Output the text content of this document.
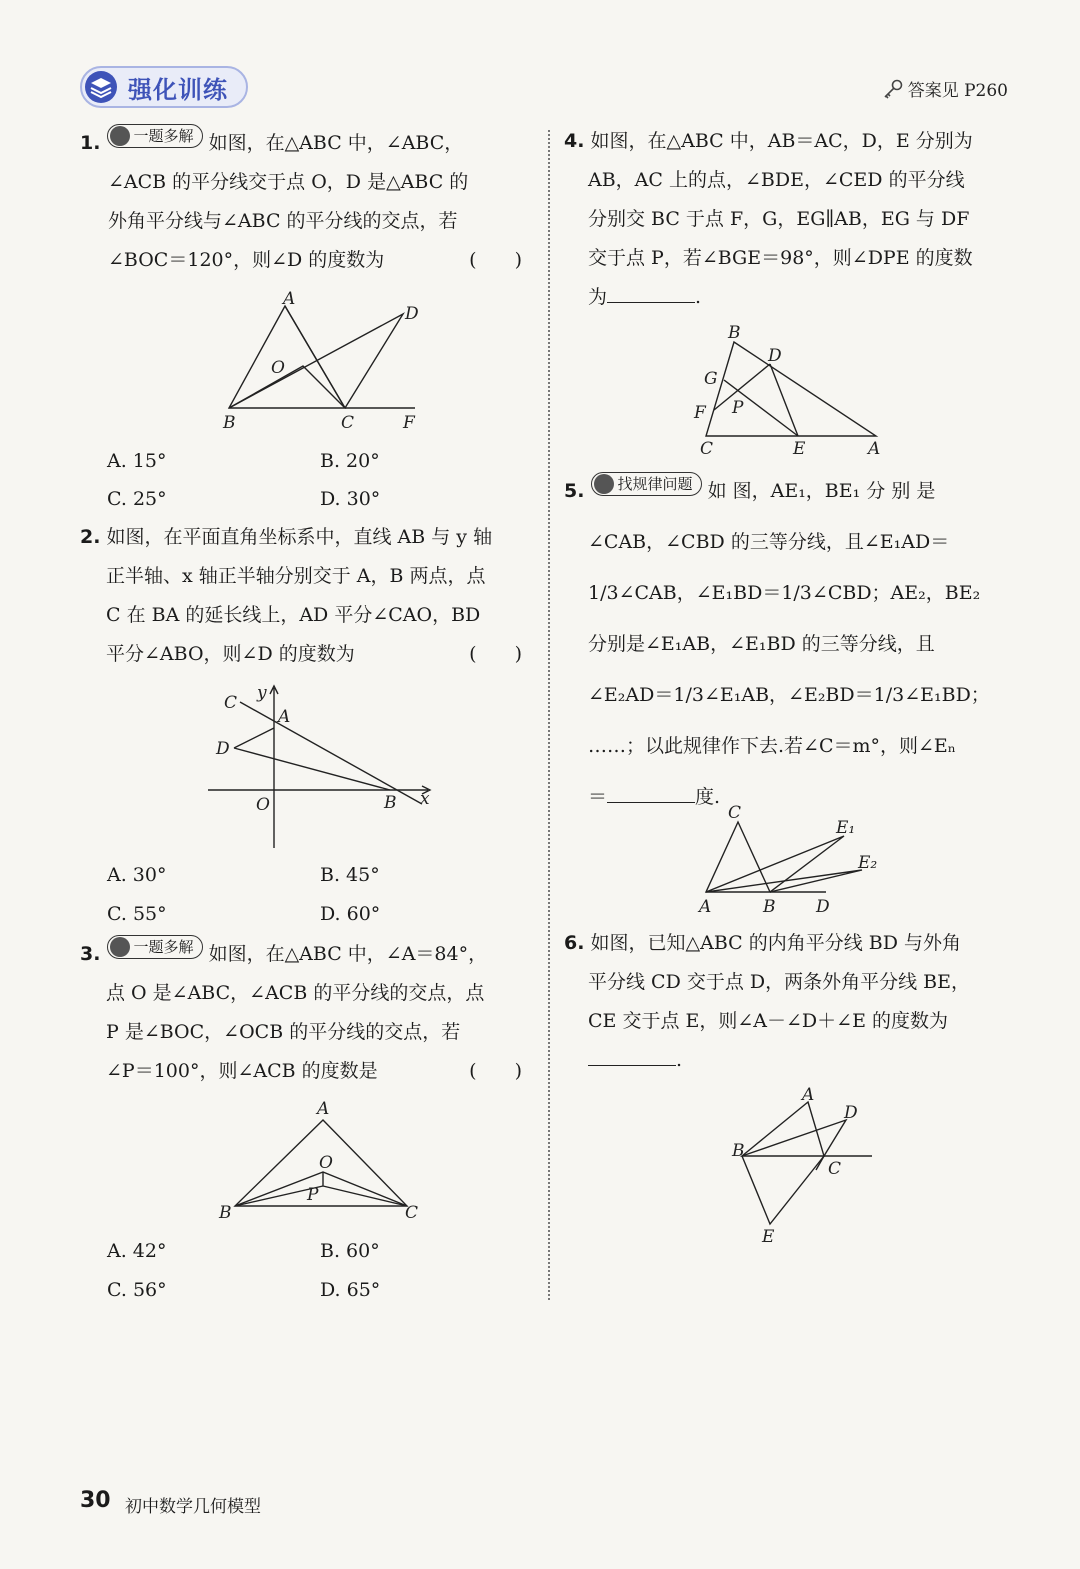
强化训练	答案见 P260
1. 一题多解 如图，在△ABC 中，∠ABC，
∠ACB 的平分线交于点 O，D 是△ABC 的
外角平分线与∠ABC 的平分线的交点，若
∠BOC＝120°，则∠D 的度数为	(　　)
A
D
O
B	C	F
A. 15°	B. 20°
C. 25°	D. 30°
2. 如图，在平面直角坐标系中，直线 AB 与 y 轴
正半轴、x 轴正半轴分别交于 A，B 两点，点
C 在 BA 的延长线上，AD 平分∠CAO，BD
平分∠ABO，则∠D 的度数为	(　　)
C y
A
D
O	B x
A. 30°	B. 45°
C. 55°	D. 60°
3. 一题多解 如图，在△ABC 中，∠A＝84°，
点 O 是∠ABC，∠ACB 的平分线的交点，点
P 是∠BOC，∠OCB 的平分线的交点，若
∠P＝100°，则∠ACB 的度数是	(　　)
A
O
P
B	C
A. 42°	B. 60°
C. 56°	D. 65°
4. 如图，在△ABC 中，AB＝AC，D，E 分别为
AB，AC 上的点，∠BDE，∠CED 的平分线
分别交 BC 于点 F，G，EG∥AB，EG 与 DF
交于点 P，若∠BGE＝98°，则∠DPE 的度数
为	.
B
D
G
P
F
C	E	A
5. 找规律问题 如 图，AE₁，BE₁ 分 别 是
∠CAB，∠CBD 的三等分线，且∠E₁AD＝
1/3∠CAB，∠E₁BD＝1/3∠CBD；AE₂，BE₂
分别是∠E₁AB，∠E₁BD 的三等分线，且
∠E₂AD＝1/3∠E₁AB，∠E₂BD＝1/3∠E₁BD；
……；以此规律作下去.若∠C＝m°，则∠Eₙ
＝	度.
C
E₁
E₂
A	B D
6. 如图，已知△ABC 的内角平分线 BD 与外角
平分线 CD 交于点 D，两条外角平分线 BE，
CE 交于点 E，则∠A－∠D＋∠E 的度数为
.
A
D
B
C
E
30 初中数学几何模型
